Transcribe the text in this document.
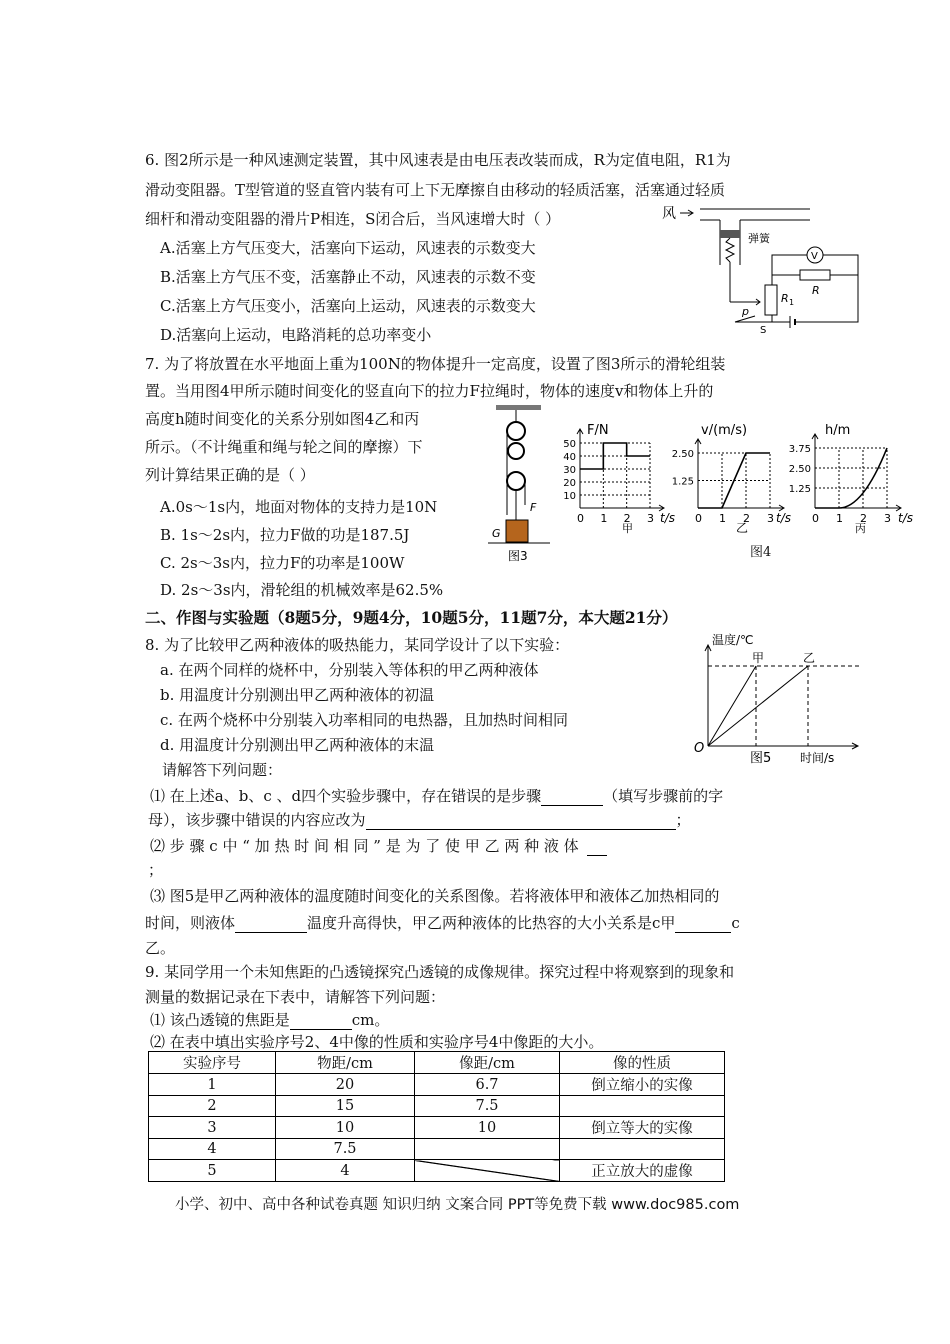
6. 图2所示是一种风速测定装置，其中风速表是由电压表改装而成，R为定值电阻，R1为
滑动变阻器。T型管道的竖直管内装有可上下无摩擦自由移动的轻质活塞，活塞通过轻质
细杆和滑动变阻器的滑片P相连，S闭合后，当风速增大时（ ）
A.活塞上方气压变大，活塞向下运动，风速表的示数变大
B.活塞上方气压不变，活塞静止不动，风速表的示数不变
C.活塞上方气压变小，活塞向上运动，风速表的示数变大
D.活塞向上运动，电路消耗的总功率变小
风
弹簧
V
R
R 1
p
S
7. 为了将放置在水平地面上重为100N的物体提升一定高度，设置了图3所示的滑轮组装
置。当用图4甲所示随时间变化的竖直向下的拉力F拉绳时，物体的速度v和物体上升的
高度h随时间变化的关系分别如图4乙和丙
所示。（不计绳重和绳与轮之间的摩擦）下
列计算结果正确的是（ ）
A.0s～1s内，地面对物体的支持力是10N
B. 1s～2s内，拉力F做的功是187.5J
C. 2s～3s内，拉力F的功率是100W
D. 2s～3s内，滑轮组的机械效率是62.5%
F
G
图3
F/N
t/s
甲
0 1 2 3
10
20
30
40
50
v/(m/s)
t/s
乙
0 1 2 3
1.25
2.50
h/m
t/s
丙
0 1 2 3
1.25
2.50
3.75
图4
二、作图与实验题（8题5分，9题4分，10题5分，11题7分，本大题21分）
8. 为了比较甲乙两种液体的吸热能力，某同学设计了以下实验：
a. 在两个同样的烧杯中，分别装入等体积的甲乙两种液体
b. 用温度计分别测出甲乙两种液体的初温
c. 在两个烧杯中分别装入功率相同的电热器，且加热时间相同
d. 用温度计分别测出甲乙两种液体的末温
请解答下列问题：
⑴ 在上述a、b、c 、d四个实验步骤中，存在错误的是步骤	（填写步骤前的字
母），该步骤中错误的内容应改为	；
⑵ 步 骤 c 中 “ 加 热 时 间 相 同 ” 是 为 了 使 甲 乙 两 种 液 体
；
⑶ 图5是甲乙两种液体的温度随时间变化的关系图像。若将液体甲和液体乙加热相同的
时间，则液体	温度升高得快，甲乙两种液体的比热容的大小关系是c甲	c
乙。
温度/℃
O
甲	乙
图5 时间/s
9. 某同学用一个未知焦距的凸透镜探究凸透镜的成像规律。探究过程中将观察到的现象和
测量的数据记录在下表中，请解答下列问题：
⑴ 该凸透镜的焦距是	cm。
⑵ 在表中填出实验序号2、4中像的性质和实验序号4中像距的大小。
实验序号	物距/cm	像距/cm	像的性质
1	20	6.7	倒立缩小的实像
2	15	7.5	
3	10	10	倒立等大的实像
4	7.5		
5	4		正立放大的虚像
小学、初中、高中各种试卷真题 知识归纳 文案合同 PPT等免费下载 www.doc985.com
